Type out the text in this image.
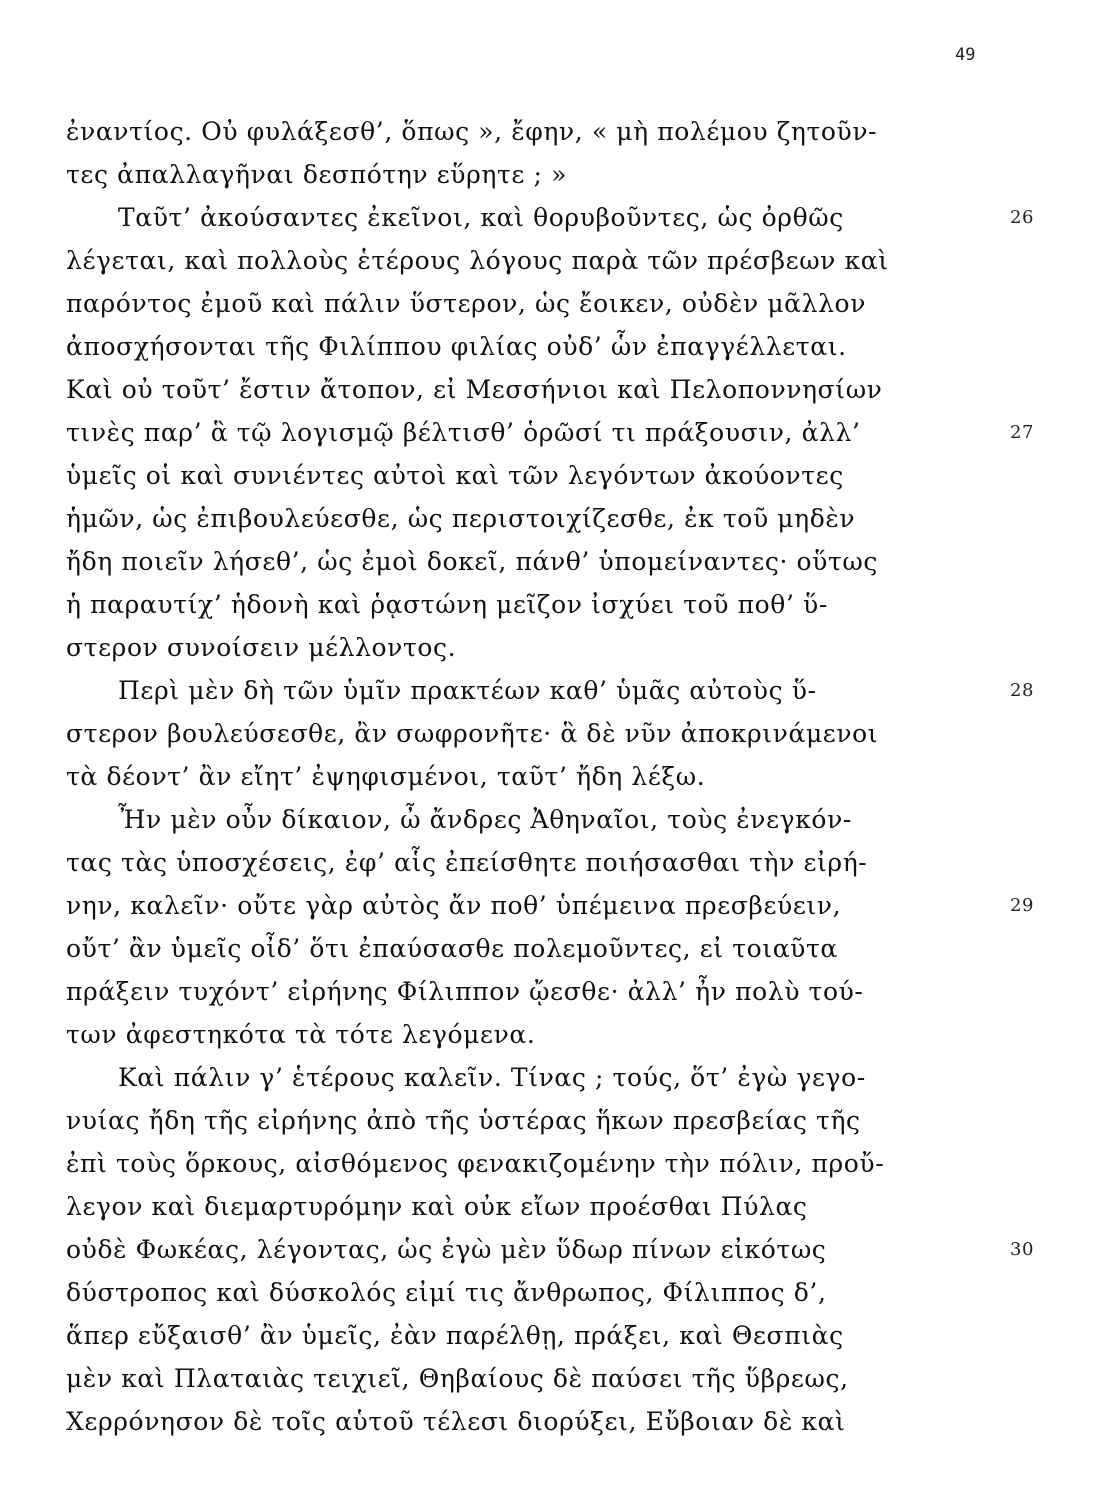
49
ἐναντίος. Οὐ φυλάξεσθ’, ὅπως », ἔφην, « μὴ πολέμου ζητοῦν-
τες ἀπαλλαγῆναι δεσπότην εὕρητε ; »
Ταῦτ’ ἀκούσαντες ἐκεῖνοι, καὶ θορυβοῦντες, ὡς ὀρθῶς	26
λέγεται, καὶ πολλοὺς ἑτέρους λόγους παρὰ τῶν πρέσβεων καὶ
παρόντος ἐμοῦ καὶ πάλιν ὕστερον, ὡς ἔοικεν, οὐδὲν μᾶλλον
ἀποσχήσονται τῆς Φιλίππου φιλίας οὐδ’ ὧν ἐπαγγέλλεται.
Καὶ οὐ τοῦτ’ ἔστιν ἄτοπον, εἰ Μεσσήνιοι καὶ Πελοποννησίων
τινὲς παρ’ ἃ τῷ λογισμῷ βέλτισθ’ ὁρῶσί τι πράξουσιν, ἀλλ’	27
ὑμεῖς οἱ καὶ συνιέντες αὐτοὶ καὶ τῶν λεγόντων ἀκούοντες
ἡμῶν, ὡς ἐπιβουλεύεσθε, ὡς περιστοιχίζεσθε, ἐκ τοῦ μηδὲν
ἤδη ποιεῖν λήσεθ’, ὡς ἐμοὶ δοκεῖ, πάνθ’ ὑπομείναντες· οὕτως
ἡ παραυτίχ’ ἡδονὴ καὶ ῥᾳστώνη μεῖζον ἰσχύει τοῦ ποθ’ ὕ-
στερον συνοίσειν μέλλοντος.
Περὶ μὲν δὴ τῶν ὑμῖν πρακτέων καθ’ ὑμᾶς αὐτοὺς ὕ-	28
στερον βουλεύσεσθε, ἂν σωφρονῆτε· ἃ δὲ νῦν ἀποκρινάμενοι
τὰ δέοντ’ ἂν εἴητ’ ἐψηφισμένοι, ταῦτ’ ἤδη λέξω.
Ἦν μὲν οὖν δίκαιον, ὦ ἄνδρες Ἀθηναῖοι, τοὺς ἐνεγκόν-
τας τὰς ὑποσχέσεις, ἐφ’ αἷς ἐπείσθητε ποιήσασθαι τὴν εἰρή-
νην, καλεῖν· οὔτε γὰρ αὐτὸς ἄν ποθ’ ὑπέμεινα πρεσβεύειν,	29
οὔτ’ ἂν ὑμεῖς οἶδ’ ὅτι ἐπαύσασθε πολεμοῦντες, εἰ τοιαῦτα
πράξειν τυχόντ’ εἰρήνης Φίλιππον ᾤεσθε· ἀλλ’ ἦν πολὺ τού-
των ἀφεστηκότα τὰ τότε λεγόμενα.
Καὶ πάλιν γ’ ἑτέρους καλεῖν. Τίνας ; τούς, ὅτ’ ἐγὼ γεγο-
νυίας ἤδη τῆς εἰρήνης ἀπὸ τῆς ὑστέρας ἥκων πρεσβείας τῆς
ἐπὶ τοὺς ὅρκους, αἰσθόμενος φενακιζομένην τὴν πόλιν, προὔ-
λεγον καὶ διεμαρτυρόμην καὶ οὐκ εἴων προέσθαι Πύλας
οὐδὲ Φωκέας, λέγοντας, ὡς ἐγὼ μὲν ὕδωρ πίνων εἰκότως	30
δύστροπος καὶ δύσκολός εἰμί τις ἄνθρωπος, Φίλιππος δ’,
ἅπερ εὔξαισθ’ ἂν ὑμεῖς, ἐὰν παρέλθῃ, πράξει, καὶ Θεσπιὰς
μὲν καὶ Πλαταιὰς τειχιεῖ, Θηβαίους δὲ παύσει τῆς ὕβρεως,
Χερρόνησον δὲ τοῖς αὑτοῦ τέλεσι διορύξει, Εὔβοιαν δὲ καὶ
